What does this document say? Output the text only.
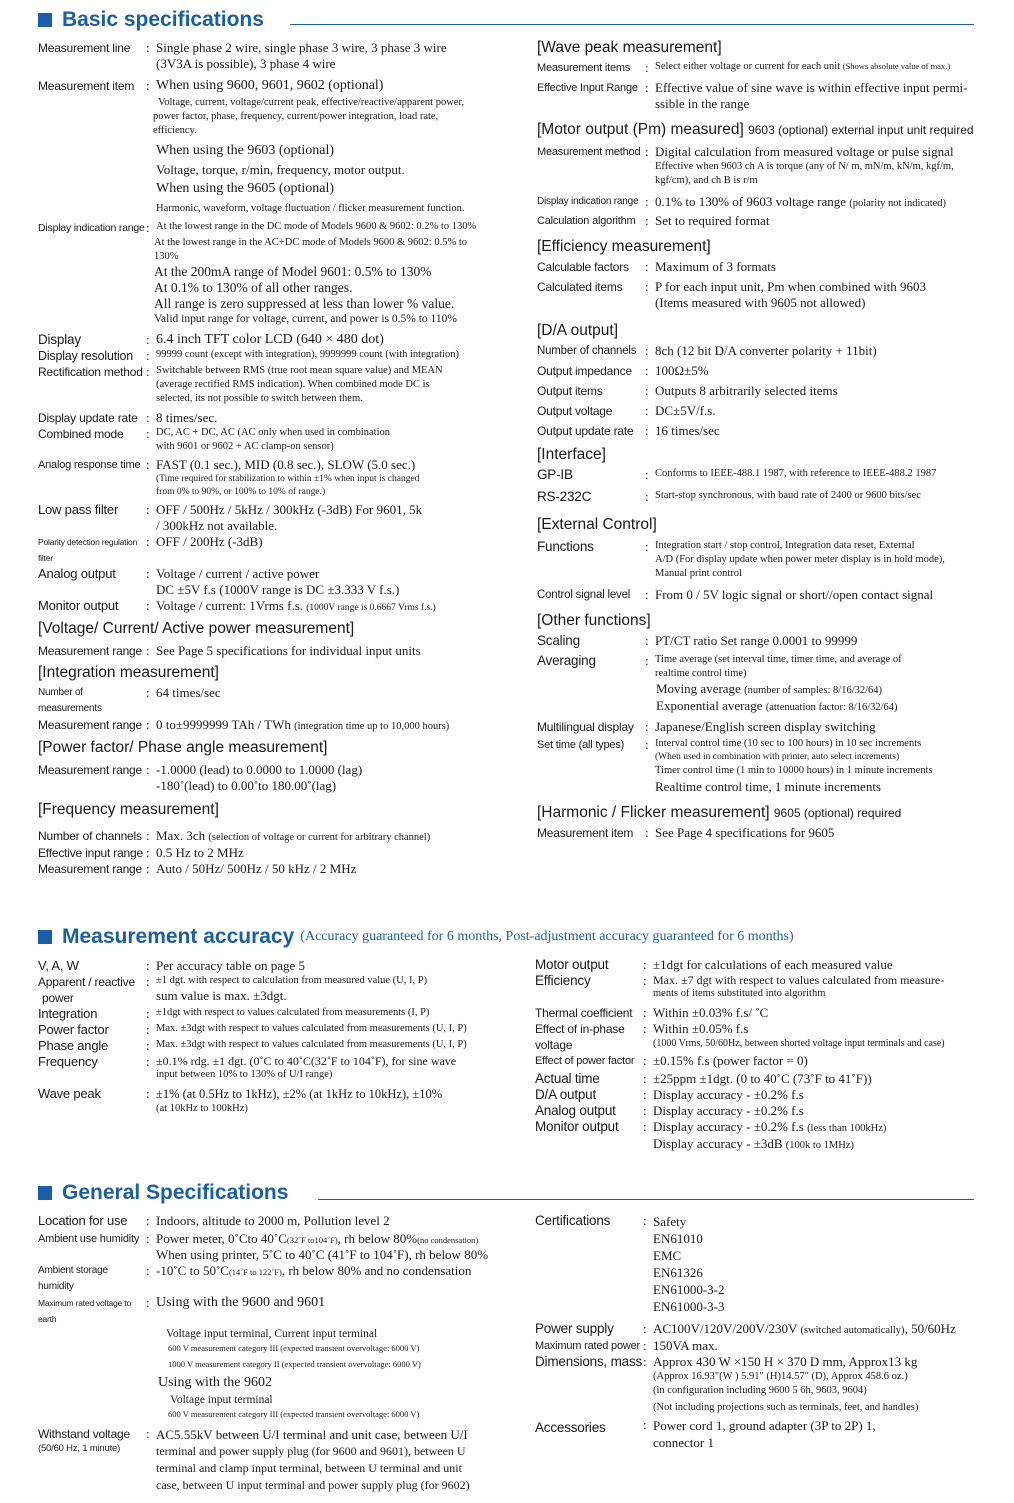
Basic specifications
Measurement line	: Single phase 2 wire, single phase 3 wire, 3 phase 3 wire
(3V3A is possible), 3 phase 4 wire
Measurement item : When using 9600, 9601, 9602 (optional)
Voltage, current, voltage/current peak, effective/reactive/apparent power,
power factor, phase, frequency, current/power integration, load rate, efficiency.
When using the 9603 (optional)
Voltage, torque, r/min, frequency, motor output.
When using the 9605 (optional)
Harmonic, waveform, voltage fluctuation / flicker measurement function.
Display indication range : At the lowest range in the DC mode of Models 9600 & 9602: 0.2% to 130%
At the lowest range in the AC+DC mode of Models 9600 & 9602: 0.5% to 130%
At the 200mA range of Model 9601: 0.5% to 130%
At 0.1% to 130% of all other ranges.
All range is zero suppressed at less than lower % value.
Valid input range for voltage, current, and power is 0.5% to 110%
Display	: 6.4 inch TFT color LCD (640 × 480 dot)
Display resolution : 99999 count (except with integration), 9999999 count (with integration)
Rectification method : Switchable between RMS (true root mean square value) and MEAN
(average rectified RMS indication). When combined mode DC is
selected, its not possible to switch between them.
Display update rate : 8 times/sec.
Combined mode	: DC, AC + DC, AC (AC only when used in combination
with 9601 or 9602 + AC clamp-on sensor)
Analog response time : FAST (0.1 sec.), MID (0.8 sec.), SLOW (5.0 sec.)
(Time required for stabilization to within ±1% when input is changed
from 0% to 90%, or 100% to 10% of range.)
Low pass filter	: OFF / 500Hz / 5kHz / 300kHz (-3dB) For 9601, 5k
/ 300kHz not available.
Polarity detection regulation filter
: OFF / 200Hz (-3dB)
Analog output	: Voltage / current / active power
DC ±5V f.s (1000V range is DC ±3.333 V f.s.)
Monitor output	: Voltage / current: 1Vrms f.s. (1000V range is 0.6667 Vrms f.s.)
[Voltage/ Current/ Active power measurement]
Measurement range : See Page 5 specifications for individual input units
[Integration measurement]
Number of measurements
: 64 times/sec
Measurement range : 0 to±9999999 TAh / TWh (integration time up to 10,000 hours)
[Power factor/ Phase angle measurement]
Measurement range : -1.0000 (lead) to 0.0000 to 1.0000 (lag)
-180˚(lead) to 0.00˚to 180.00˚(lag)
[Frequency measurement]
Number of channels : Max. 3ch (selection of voltage or current for arbitrary channel)
Effective input range : 0.5 Hz to 2 MHz
Measurement range : Auto / 50Hz/ 500Hz / 50 kHz / 2 MHz
[Wave peak measurement]
Measurement items	: Select either voltage or current for each unit (Shows absolute value of max.)
Effective Input Range : Effective value of sine wave is within effective input permi-
ssible in the range
[Motor output (Pm) measured] 9603 (optional) external input unit required
Measurement method : Digital calculation from measured voltage or pulse signal
Effective when 9603 ch A is torque (any of N/ m, mN/m, kN/m, kgf/m,
kgf/cm), and ch B is r/m
Display indication range : 0.1% to 130% of 9603 voltage range (polarity not indicated)
Calculation algorithm : Set to required format
[Efficiency measurement]
Calculable factors	: Maximum of 3 formats
Calculated items	: P for each input unit, Pm when combined with 9603
(Items measured with 9605 not allowed)
[D/A output]
Number of channels : 8ch (12 bit D/A converter polarity + 11bit)
Output impedance	: 100Ω±5%
Output items	: Outputs 8 arbitrarily selected items
Output voltage	: DC±5V/f.s.
Output update rate : 16 times/sec
[Interface]
GP-IB	: Conforms to IEEE-488.1 1987, with reference to IEEE-488.2 1987
RS-232C	: Start-stop synchronous, with baud rate of 2400 or 9600 bits/sec
[External Control]
Functions	: Integration start / stop control, Integration data reset, External
A/D (For display update when power meter display is in hold mode),
Manual print control
Control signal level	: From 0 / 5V logic signal or short//open contact signal
[Other functions]
Scaling	: PT/CT ratio Set range 0.0001 to 99999
Averaging	: Time average (set interval time, timer time, and average of
realtime control time)
Moving average (number of samples: 8/16/32/64)
Exponential average (attenuation factor: 8/16/32/64)
Multilingual display : Japanese/English screen display switching
Set time (all types)	: Interval control time (10 sec to 100 hours) in 10 sec increments
(When used in combination with printer, auto select increments)
Timer control time (1 min to 10000 hours) in 1 minute increments
Realtime control time, 1 minute increments
[Harmonic / Flicker measurement] 9605 (optional) required
Measurement item : See Page 4 specifications for 9605
Measurement accuracy (Accuracy guaranteed for 6 months, Post-adjustment accuracy guaranteed for 6 months)
V, A, W	: Per accuracy table on page 5
Apparent / reactive
power
: ±1 dgt. with respect to calculation from measured value (U, I, P)
sum value is max. ±3dgt.
Integration	: ±1dgt with respect to values calculated from measurements (I, P)
Power factor	: Max. ±3dgt with respect to values calculated from measurements (U, I, P)
Phase angle	: Max. ±3dgt with respect to values calculated from measurements (U, I, P)
Frequency	: ±0.1% rdg. ±1 dgt. (0˚C to 40˚C(32˚F to 104˚F), for sine wave
input between 10% to 130% of U/I range)
Wave peak	: ±1% (at 0.5Hz to 1kHz), ±2% (at 1kHz to 10kHz), ±10%
(at 10kHz to 100kHz)
Motor output	: ±1dgt for calculations of each measured value
Efficiency	: Max. ±7 dgt with respect to values calculated from measure-
ments of items substituted into algorithm
Thermal coefficient : Within ±0.03% f.s/ ˚C
Effect of in-phase
voltage
: Within ±0.05% f.s
(1000 Vrms, 50/60Hz, between shorted voltage input terminals and case)
Effect of power factor : ±0.15% f.s (power factor = 0)
Actual time	: ±25ppm ±1dgt. (0 to 40˚C (73˚F to 41˚F))
D/A output	: Display accuracy - ±0.2% f.s
Analog output	: Display accuracy - ±0.2% f.s
Monitor output	: Display accuracy - ±0.2% f.s (less than 100kHz)
Display accuracy - ±3dB (100k to 1MHz)
General Specifications
Location for use	: Indoors, altitude to 2000 m, Pollution level 2
Ambient use humidity : Power meter, 0˚Cto 40˚C(32˚F to104˚F), rh below 80%(no condensation)
When using printer, 5˚C to 40˚C (41˚F to 104˚F), rh below 80%
Ambient storage humidity
: -10˚C to 50˚C(14˚F to 122˚F), rh below 80% and no condensation
Maximum rated voltage to earth
: Using with the 9600 and 9601
Voltage input terminal, Current input terminal
600 V measurement category III (expected transient overvoltage: 6000 V)
1000 V measurement category II (expected transient overvoltage: 6000 V)
Using with the 9602
Voltage input terminal
600 V measurement category III (expected transient overvoltage: 6000 V)
Withstand voltage
(50/60 Hz, 1 minute)
: AC5.55kV between U/I terminal and unit case, between U/I
terminal and power supply plug (for 9600 and 9601), between U
terminal and clamp input terminal, between U terminal and unit
case, between U input terminal and power supply plug (for 9602)
Certifications	: Safety
EN61010
EMC
EN61326
EN61000-3-2
EN61000-3-3
Power supply	: AC100V/120V/200V/230V (switched automatically), 50/60Hz
Maximum rated power : 150VA max.
Dimensions, mass : Approx 430 W ×150 H × 370 D mm, Approx13 kg
(Approx 16.93"(W ) 5.91" (H)14.57" (D), Approx 458.6 oz.)
(in configuration including 9600 5 6h, 9603, 9604)
(Not including projections such as terminals, feet, and handles)
Accessories	: Power cord 1, ground adapter (3P to 2P) 1,
connector 1
